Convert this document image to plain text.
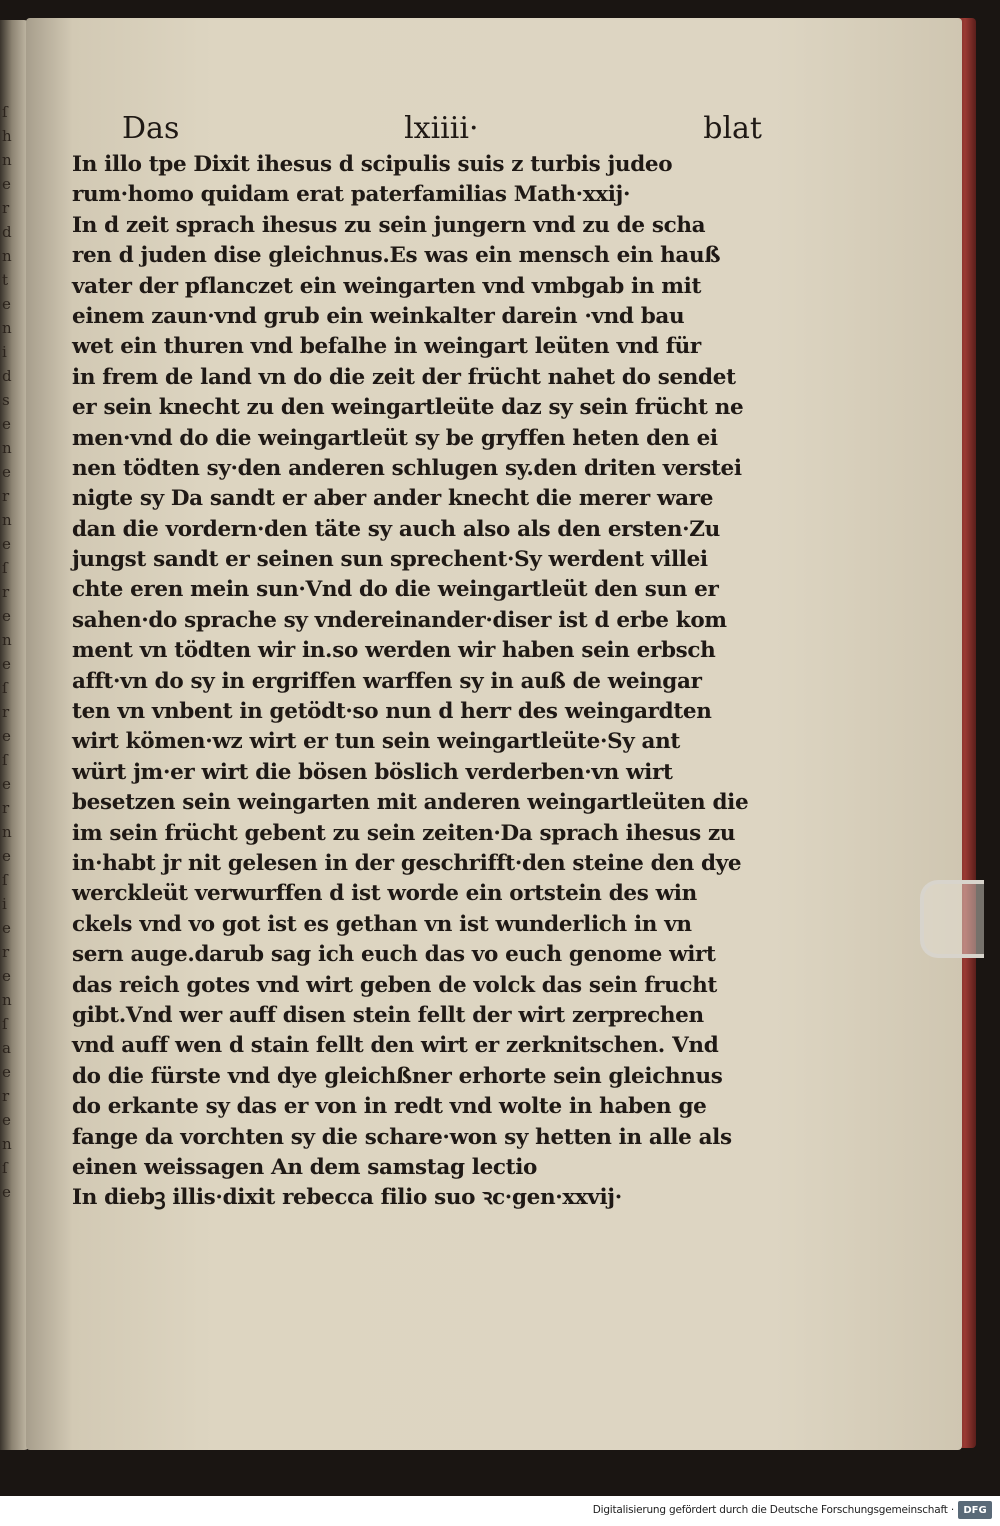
ſ
h
n
e
r
d
n
t
e
n
i
d
s
e
n
e
r
n
e
ſ
r
e
n
e
ſ
r
e
ſ
e
r
n
e
ſ
i
e
r
e
n
ſ
a
e
r
e
n
ſ
e
Das	lxiiii·	blat
In illo tpe Dixit ihesus d scipulis suis z turbis judeo
rum·homo quidam erat paterfamilias Math·xxij·
In d zeit sprach ihesus zu sein jungern vnd zu de scha
ren d juden dise gleichnus.Es was ein mensch ein hauß
vater der pflanczet ein weingarten vnd vmbgab in mit
einem zaun·vnd grub ein weinkalter darein ·vnd bau
wet ein thuren vnd befalhe in weingart leüten vnd für
in frem de land vn do die zeit der frücht nahet do sendet
er sein knecht zu den weingartleüte daz sy sein frücht ne
men·vnd do die weingartleüt sy be gryffen heten den ei
nen tödten sy·den anderen schlugen sy.den driten verstei
nigte sy Da sandt er aber ander knecht die merer ware
dan die vordern·den täte sy auch also als den ersten·Zu
jungst sandt er seinen sun sprechent·Sy werdent villei
chte eren mein sun·Vnd do die weingartleüt den sun er
sahen·do sprache sy vndereinander·diser ist d erbe kom
ment vn tödten wir in.so werden wir haben sein erbsch
afft·vn do sy in ergriffen warffen sy in auß de weingar
ten vn vnbent in getödt·so nun d herr des weingardten
wirt kömen·wz wirt er tun sein weingartleüte·Sy ant
würt jm·er wirt die bösen böslich verderben·vn wirt
besetzen sein weingarten mit anderen weingartleüten die
im sein frücht gebent zu sein zeiten·Da sprach ihesus zu
in·habt jr nit gelesen in der geschrifft·den steine den dye
werckleüt verwurffen d ist worde ein ortstein des win
ckels vnd vo got ist es gethan vn ist wunderlich in vn
sern auge.darub sag ich euch das vo euch genome wirt
das reich gotes vnd wirt geben de volck das sein frucht
gibt.Vnd wer auff disen stein fellt der wirt zerprechen
vnd auff wen d stain fellt den wirt er zerknitschen. Vnd
do die fürste vnd dye gleichßner erhorte sein gleichnus
do erkante sy das er von in redt vnd wolte in haben ge
fange da vorchten sy die schare·won sy hetten in alle als
einen weissagen An dem samstag lectio
In diebꝫ illis·dixit rebecca filio suo ꝛc·gen·xxvij·
Digitalisierung gefördert durch die Deutsche Forschungsgemeinschaft · DFG
